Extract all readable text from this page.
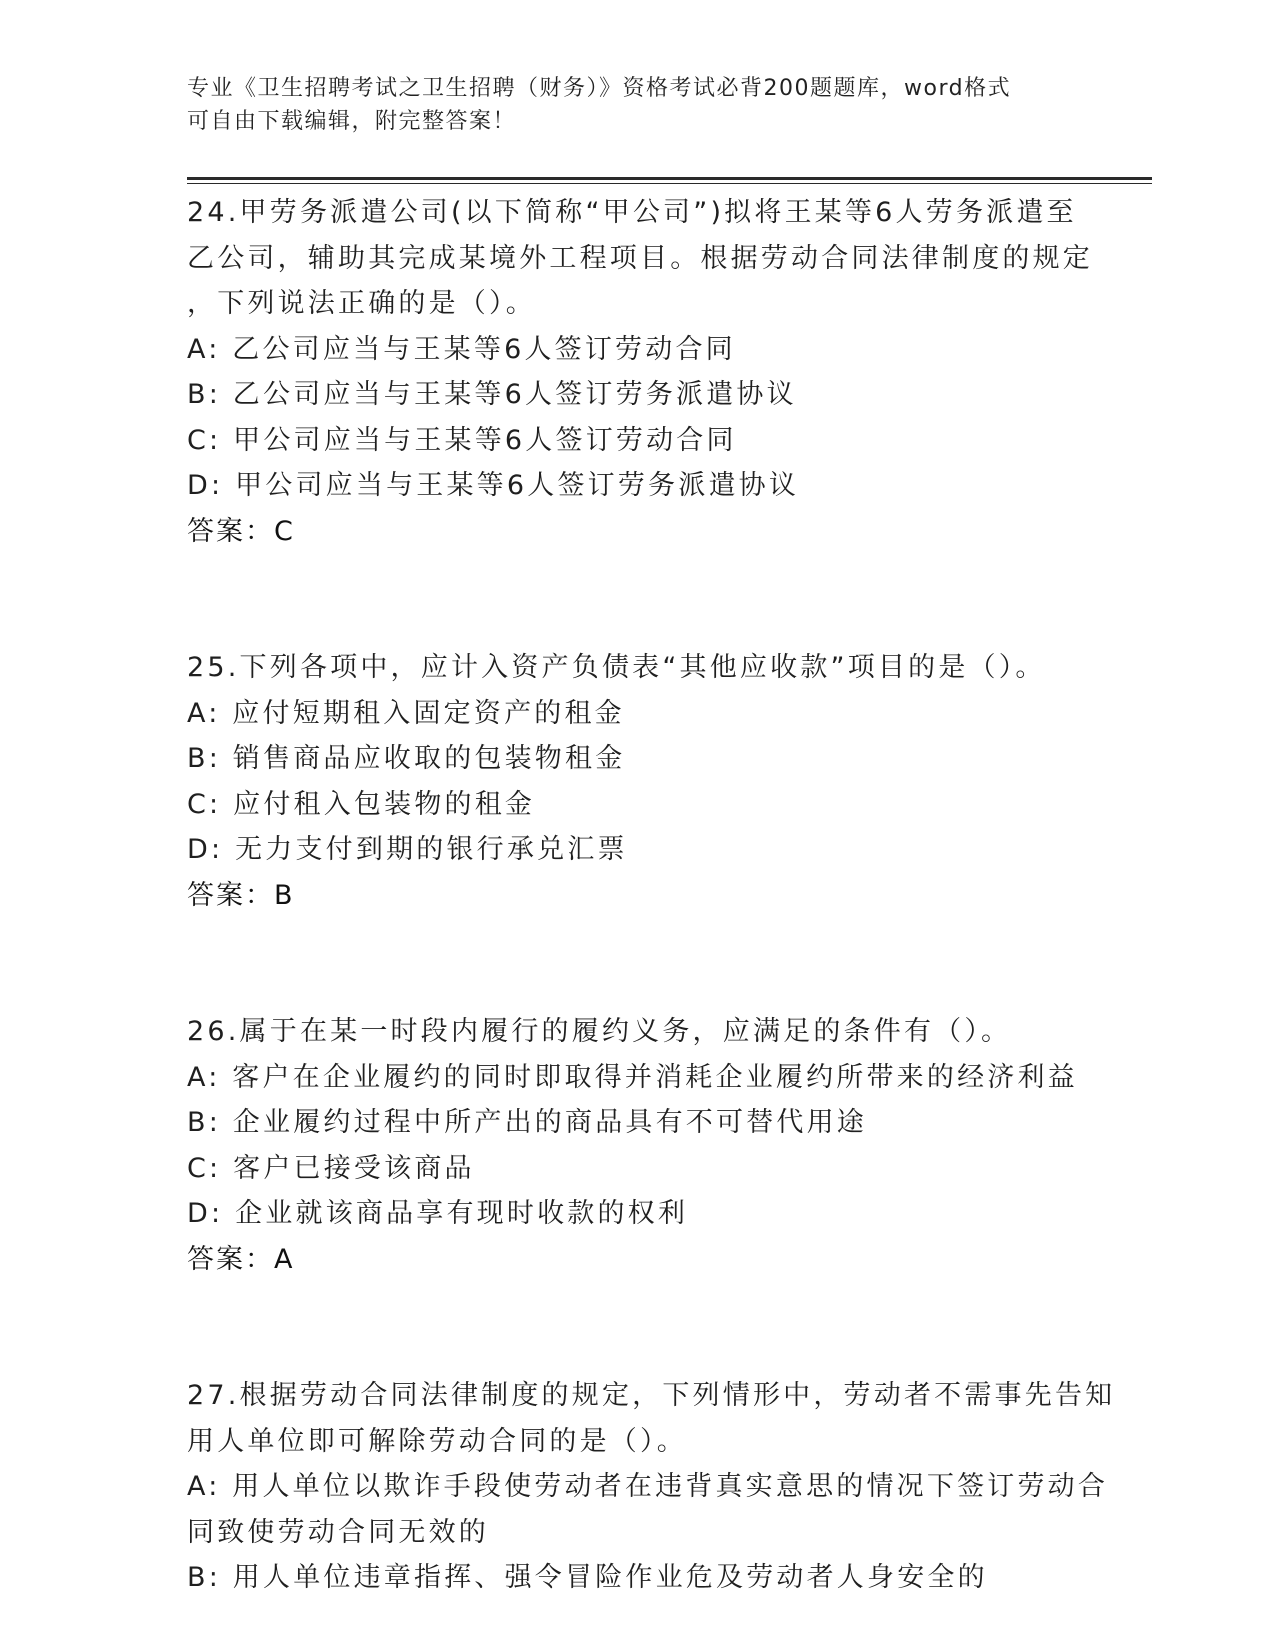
专业《卫生招聘考试之卫生招聘（财务）》资格考试必背200题题库，word格式
可自由下载编辑，附完整答案！
24.甲劳务派遣公司(以下简称“甲公司”)拟将王某等6人劳务派遣至
乙公司，辅助其完成某境外工程项目。根据劳动合同法律制度的规定
，下列说法正确的是（）。
A: 乙公司应当与王某等6人签订劳动合同
B: 乙公司应当与王某等6人签订劳务派遣协议
C: 甲公司应当与王某等6人签订劳动合同
D: 甲公司应当与王某等6人签订劳务派遣协议
答案：C
25.下列各项中，应计入资产负债表“其他应收款”项目的是（）。
A: 应付短期租入固定资产的租金
B: 销售商品应收取的包装物租金
C: 应付租入包装物的租金
D: 无力支付到期的银行承兑汇票
答案：B
26.属于在某一时段内履行的履约义务，应满足的条件有（）。
A: 客户在企业履约的同时即取得并消耗企业履约所带来的经济利益
B: 企业履约过程中所产出的商品具有不可替代用途
C: 客户已接受该商品
D: 企业就该商品享有现时收款的权利
答案：A
27.根据劳动合同法律制度的规定，下列情形中，劳动者不需事先告知
用人单位即可解除劳动合同的是（）。
A: 用人单位以欺诈手段使劳动者在违背真实意思的情况下签订劳动合
同致使劳动合同无效的
B: 用人单位违章指挥、强令冒险作业危及劳动者人身安全的
